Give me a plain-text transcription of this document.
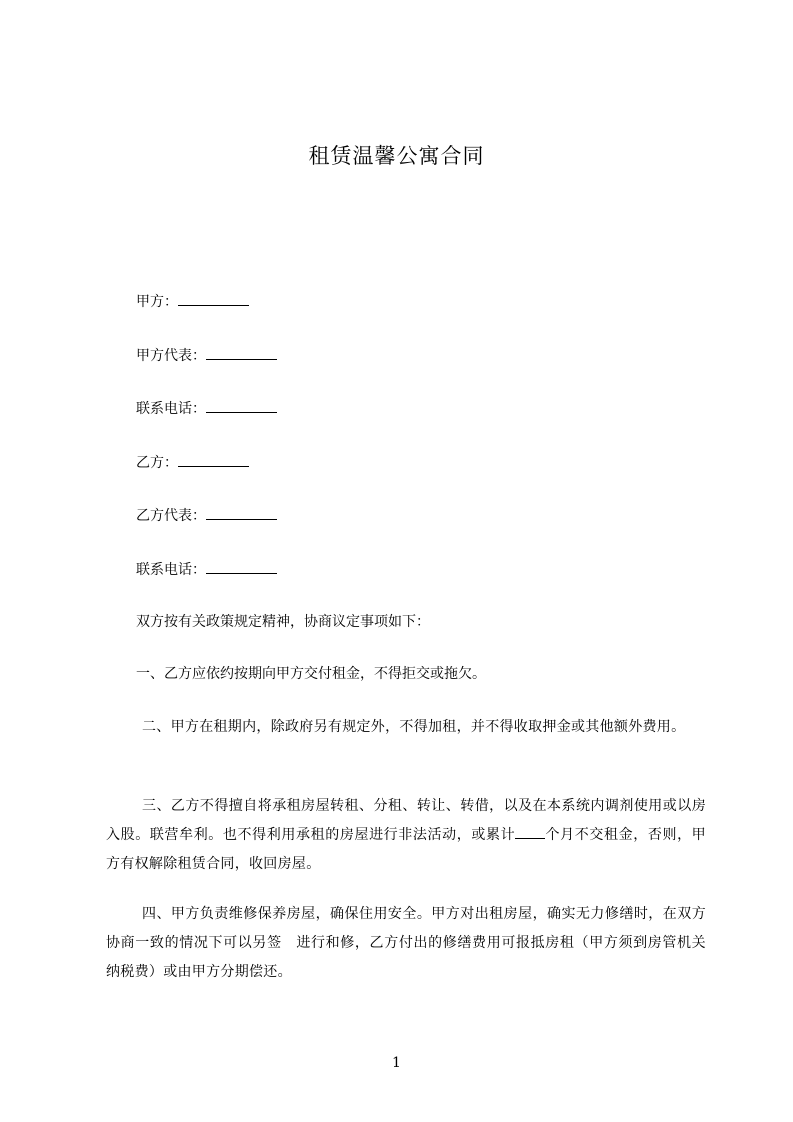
租赁温馨公寓合同
甲方：
甲方代表：
联系电话：
乙方：
乙方代表：
联系电话：
双方按有关政策规定精神，协商议定事项如下：
一、乙方应依约按期向甲方交付租金，不得拒交或拖欠。
二、甲方在租期内，除政府另有规定外，不得加租，并不得收取押金或其他额外费用。
三、乙方不得擅自将承租房屋转租、分租、转让、转借，以及在本系统内调剂使用或以房入股。联营牟利。也不得利用承租的房屋进行非法活动，或累计 个月不交租金，否则，甲方有权解除租赁合同，收回房屋。
四、甲方负责维修保养房屋，确保住用安全。甲方对出租房屋，确实无力修缮时，在双方协商一致的情况下可以另签　进行和修，乙方付出的修缮费用可报抵房租（甲方须到房管机关纳税费）或由甲方分期偿还。
1
